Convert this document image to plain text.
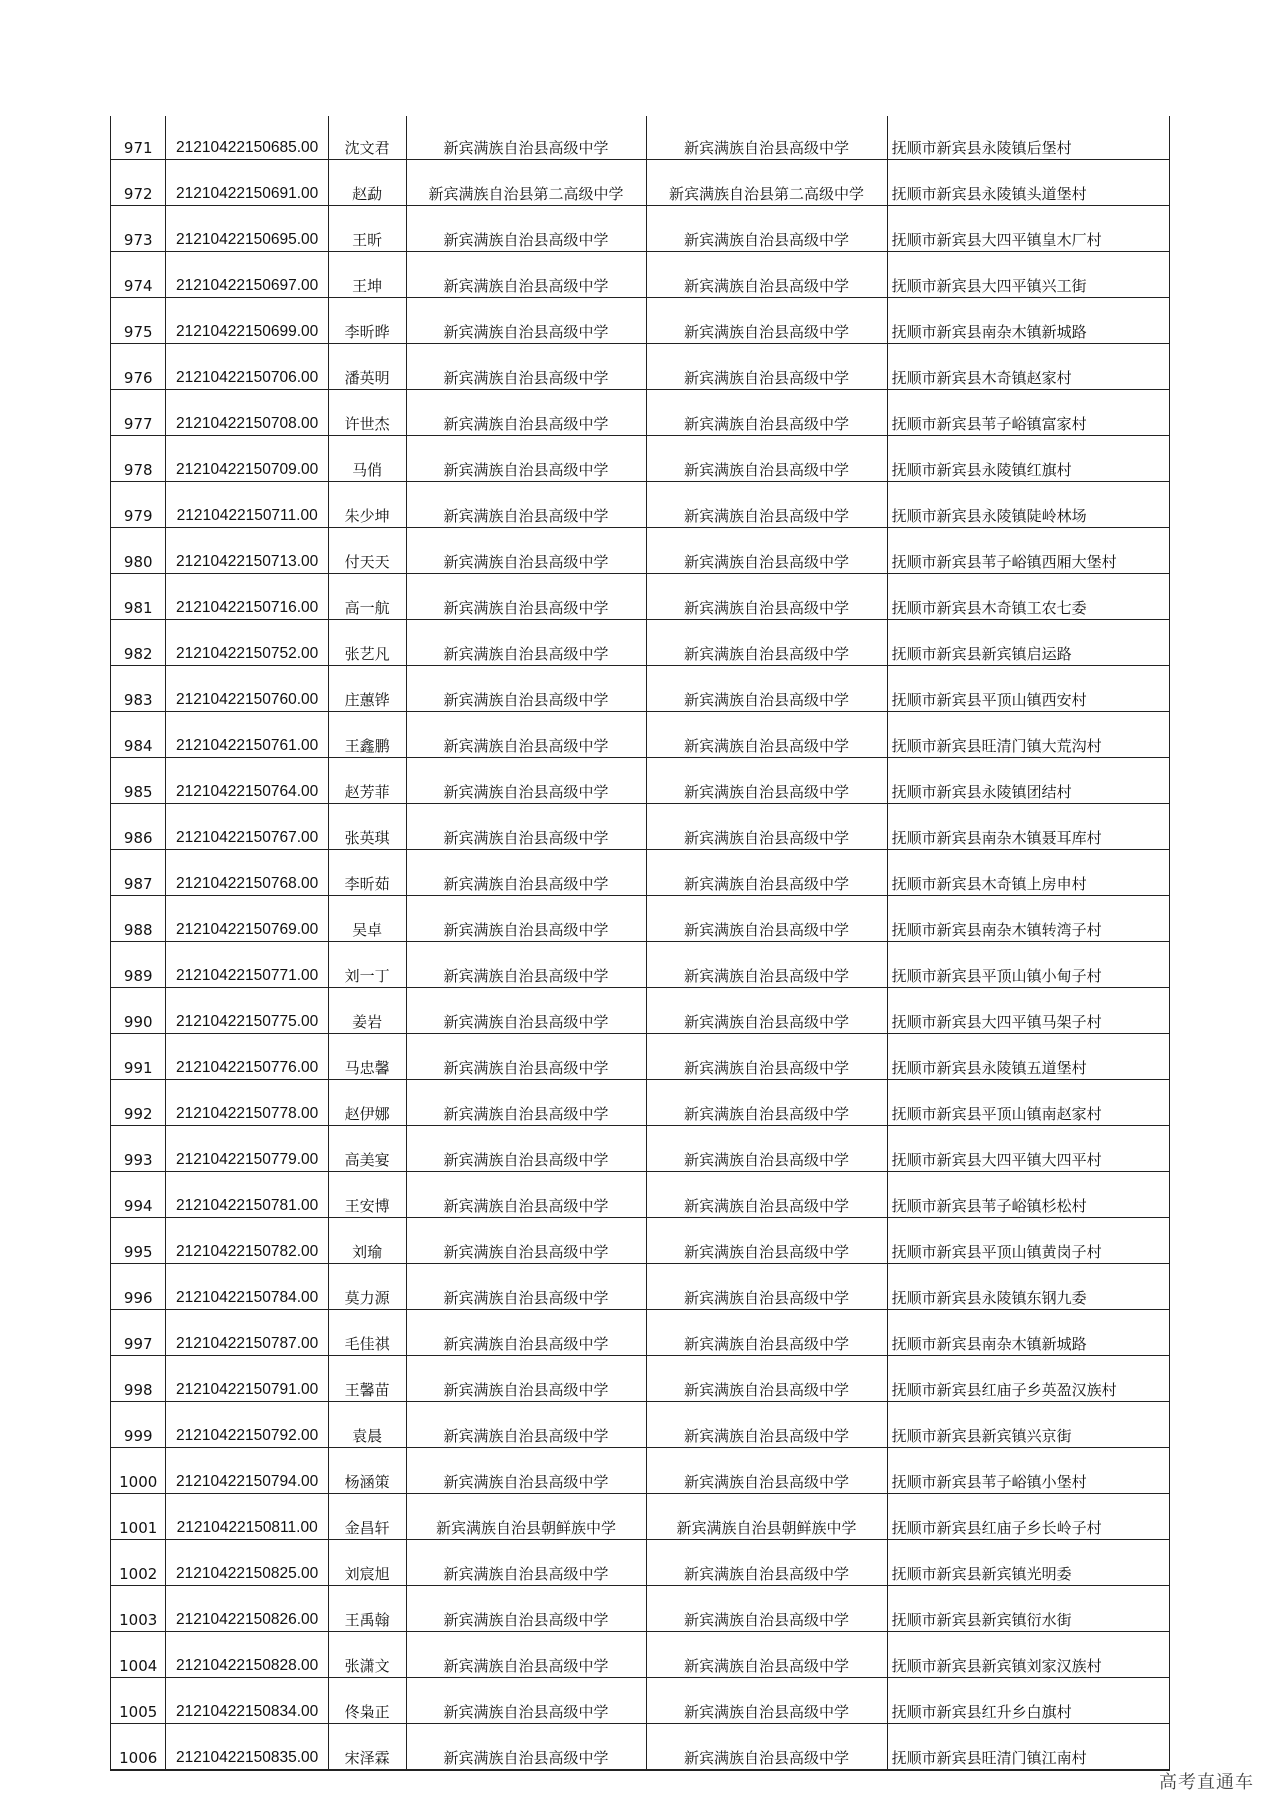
971	21210422150685.00	沈文君	新宾满族自治县高级中学	新宾满族自治县高级中学	抚顺市新宾县永陵镇后堡村
972	21210422150691.00	赵勐	新宾满族自治县第二高级中学	新宾满族自治县第二高级中学	抚顺市新宾县永陵镇头道堡村
973	21210422150695.00	王昕	新宾满族自治县高级中学	新宾满族自治县高级中学	抚顺市新宾县大四平镇皇木厂村
974	21210422150697.00	王坤	新宾满族自治县高级中学	新宾满族自治县高级中学	抚顺市新宾县大四平镇兴工街
975	21210422150699.00	李昕晔	新宾满族自治县高级中学	新宾满族自治县高级中学	抚顺市新宾县南杂木镇新城路
976	21210422150706.00	潘英明	新宾满族自治县高级中学	新宾满族自治县高级中学	抚顺市新宾县木奇镇赵家村
977	21210422150708.00	许世杰	新宾满族自治县高级中学	新宾满族自治县高级中学	抚顺市新宾县苇子峪镇富家村
978	21210422150709.00	马俏	新宾满族自治县高级中学	新宾满族自治县高级中学	抚顺市新宾县永陵镇红旗村
979	21210422150711.00	朱少坤	新宾满族自治县高级中学	新宾满族自治县高级中学	抚顺市新宾县永陵镇陡岭林场
980	21210422150713.00	付天天	新宾满族自治县高级中学	新宾满族自治县高级中学	抚顺市新宾县苇子峪镇西厢大堡村
981	21210422150716.00	高一航	新宾满族自治县高级中学	新宾满族自治县高级中学	抚顺市新宾县木奇镇工农七委
982	21210422150752.00	张艺凡	新宾满族自治县高级中学	新宾满族自治县高级中学	抚顺市新宾县新宾镇启运路
983	21210422150760.00	庄蕙铧	新宾满族自治县高级中学	新宾满族自治县高级中学	抚顺市新宾县平顶山镇西安村
984	21210422150761.00	王鑫鹏	新宾满族自治县高级中学	新宾满族自治县高级中学	抚顺市新宾县旺清门镇大荒沟村
985	21210422150764.00	赵芳菲	新宾满族自治县高级中学	新宾满族自治县高级中学	抚顺市新宾县永陵镇团结村
986	21210422150767.00	张英琪	新宾满族自治县高级中学	新宾满族自治县高级中学	抚顺市新宾县南杂木镇聂耳库村
987	21210422150768.00	李昕茹	新宾满族自治县高级中学	新宾满族自治县高级中学	抚顺市新宾县木奇镇上房申村
988	21210422150769.00	吴卓	新宾满族自治县高级中学	新宾满族自治县高级中学	抚顺市新宾县南杂木镇转湾子村
989	21210422150771.00	刘一丁	新宾满族自治县高级中学	新宾满族自治县高级中学	抚顺市新宾县平顶山镇小甸子村
990	21210422150775.00	姜岩	新宾满族自治县高级中学	新宾满族自治县高级中学	抚顺市新宾县大四平镇马架子村
991	21210422150776.00	马忠馨	新宾满族自治县高级中学	新宾满族自治县高级中学	抚顺市新宾县永陵镇五道堡村
992	21210422150778.00	赵伊娜	新宾满族自治县高级中学	新宾满族自治县高级中学	抚顺市新宾县平顶山镇南赵家村
993	21210422150779.00	高美宴	新宾满族自治县高级中学	新宾满族自治县高级中学	抚顺市新宾县大四平镇大四平村
994	21210422150781.00	王安博	新宾满族自治县高级中学	新宾满族自治县高级中学	抚顺市新宾县苇子峪镇杉松村
995	21210422150782.00	刘瑜	新宾满族自治县高级中学	新宾满族自治县高级中学	抚顺市新宾县平顶山镇黄岗子村
996	21210422150784.00	莫力源	新宾满族自治县高级中学	新宾满族自治县高级中学	抚顺市新宾县永陵镇东钢九委
997	21210422150787.00	毛佳祺	新宾满族自治县高级中学	新宾满族自治县高级中学	抚顺市新宾县南杂木镇新城路
998	21210422150791.00	王馨苗	新宾满族自治县高级中学	新宾满族自治县高级中学	抚顺市新宾县红庙子乡英盈汉族村
999	21210422150792.00	袁晨	新宾满族自治县高级中学	新宾满族自治县高级中学	抚顺市新宾县新宾镇兴京街
1000	21210422150794.00	杨涵策	新宾满族自治县高级中学	新宾满族自治县高级中学	抚顺市新宾县苇子峪镇小堡村
1001	21210422150811.00	金昌轩	新宾满族自治县朝鲜族中学	新宾满族自治县朝鲜族中学	抚顺市新宾县红庙子乡长岭子村
1002	21210422150825.00	刘宸旭	新宾满族自治县高级中学	新宾满族自治县高级中学	抚顺市新宾县新宾镇光明委
1003	21210422150826.00	王禹翰	新宾满族自治县高级中学	新宾满族自治县高级中学	抚顺市新宾县新宾镇衍水街
1004	21210422150828.00	张潇文	新宾满族自治县高级中学	新宾满族自治县高级中学	抚顺市新宾县新宾镇刘家汉族村
1005	21210422150834.00	佟枭正	新宾满族自治县高级中学	新宾满族自治县高级中学	抚顺市新宾县红升乡白旗村
1006	21210422150835.00	宋泽霖	新宾满族自治县高级中学	新宾满族自治县高级中学	抚顺市新宾县旺清门镇江南村
高考直通车
